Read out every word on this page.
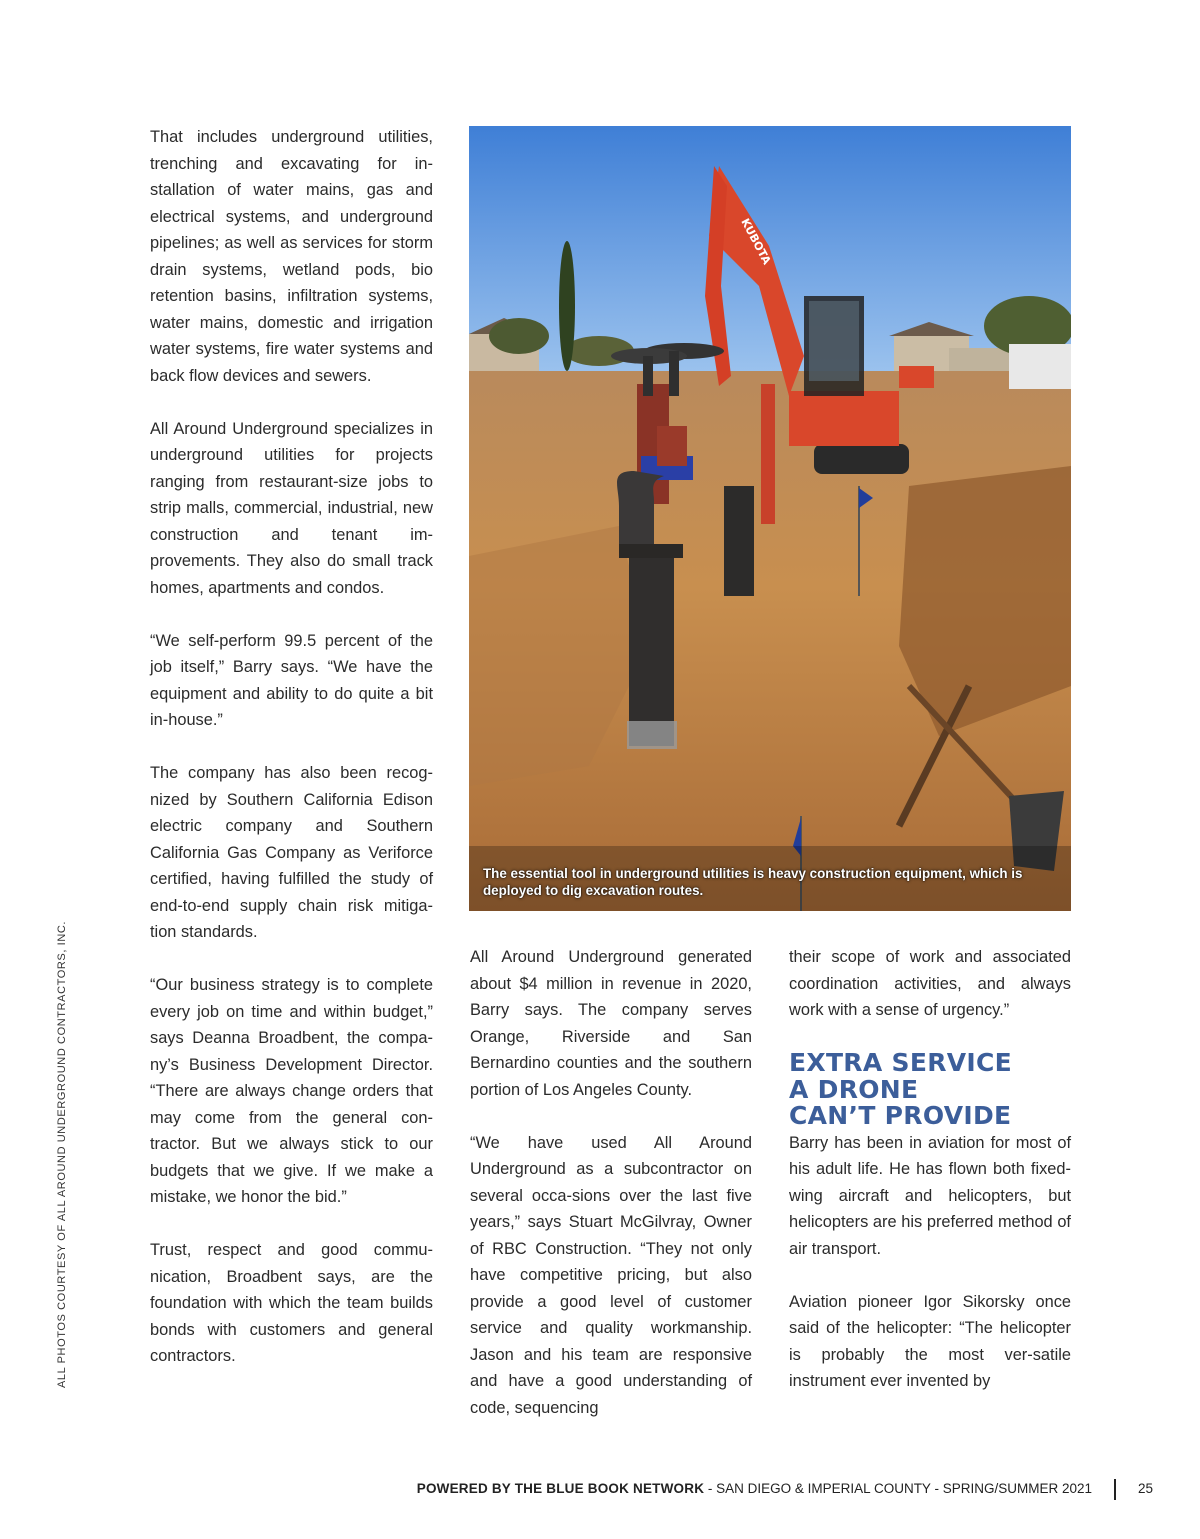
That includes underground utilities, trenching and excavating for in-stallation of water mains, gas and electrical systems, and underground pipelines; as well as services for storm drain systems, wetland pods, bio retention basins, infiltration systems, water mains, domestic and irrigation water systems, fire water systems and back flow devices and sewers.

All Around Underground specializes in underground utilities for projects ranging from restaurant-size jobs to strip malls, commercial, industrial, new construction and tenant im-provements. They also do small track homes, apartments and condos.

“We self-perform 99.5 percent of the job itself,” Barry says. “We have the equipment and ability to do quite a bit in-house.”

The company has also been recog-nized by Southern California Edison electric company and Southern California Gas Company as Veriforce certified, having fulfilled the study of end-to-end supply chain risk mitiga-tion standards.

“Our business strategy is to complete every job on time and within budget,” says Deanna Broadbent, the compa-ny’s Business Development Director. “There are always change orders that may come from the general con-tractor. But we always stick to our budgets that we give. If we make a mistake, we honor the bid.”

Trust, respect and good commu-nication, Broadbent says, are the foundation with which the team builds bonds with customers and general contractors.

KUBOTA
The essential tool in underground utilities is heavy construction equipment, which is deployed to dig excavation routes.

All Around Underground generated about $4 million in revenue in 2020, Barry says. The company serves Orange, Riverside and San Bernardino counties and the southern portion of Los Angeles County.

“We have used All Around Underground as a subcontractor on several occa-sions over the last five years,” says Stuart McGilvray, Owner of RBC Construction. “They not only have competitive pricing, but also provide a good level of customer service and quality workmanship. Jason and his team are responsive and have a good understanding of code, sequencing

their scope of work and associated coordination activities, and always work with a sense of urgency.”

EXTRA SERVICE
A DRONE
CAN’T PROVIDE

Barry has been in aviation for most of his adult life. He has flown both fixed-wing aircraft and helicopters, but helicopters are his preferred method of air transport.

Aviation pioneer Igor Sikorsky once said of the helicopter: “The helicopter is probably the most ver-satile instrument ever invented by

ALL PHOTOS COURTESY OF ALL AROUND UNDERGROUND CONTRACTORS, INC.
POWERED BY THE BLUE BOOK NETWORK - SAN DIEGO & IMPERIAL COUNTY - SPRING/SUMMER 2021	25
